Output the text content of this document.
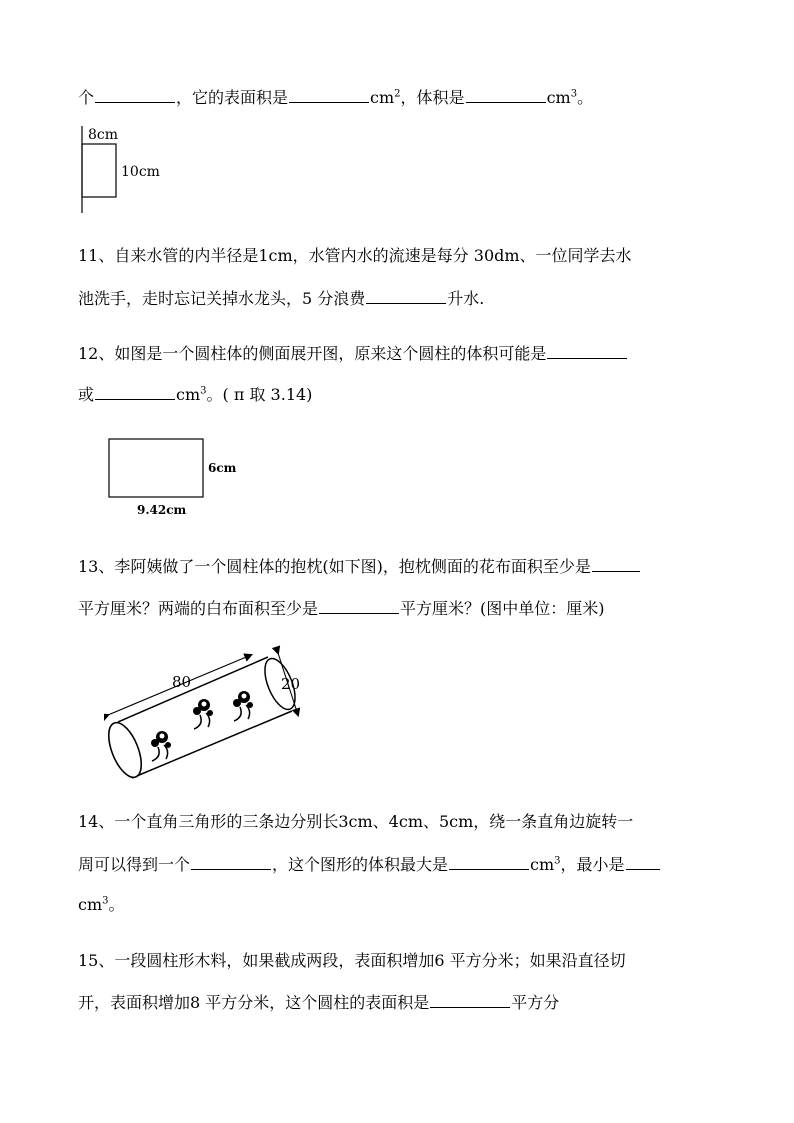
个	，它的表面积是	$cm^2$，体积是	$cm^3$。
8cm
10cm
11、自来水管的内半径是1cm，水管内水的流速是每分 30dm、一位同学去水
池洗手，走时忘记关掉水龙头，5 分浪费	升水.
12、如图是一个圆柱体的侧面展开图，原来这个圆柱的体积可能是
或	$cm^3$。( π 取 3.14)
6cm
9.42cm
13、李阿姨做了一个圆柱体的抱枕(如下图)，抱枕侧面的花布面积至少是
平方厘米？两端的白布面积至少是	平方厘米？(图中单位：厘米)
80	20
14、一个直角三角形的三条边分别长3cm、4cm、5cm，绕一条直角边旋转一
周可以得到一个	，这个图形的体积最大是	$cm^3$，最小是
$cm^3$。
15、一段圆柱形木料，如果截成两段，表面积增加6 平方分米；如果沿直径切
开，表面积增加8 平方分米，这个圆柱的表面积是	平方分
